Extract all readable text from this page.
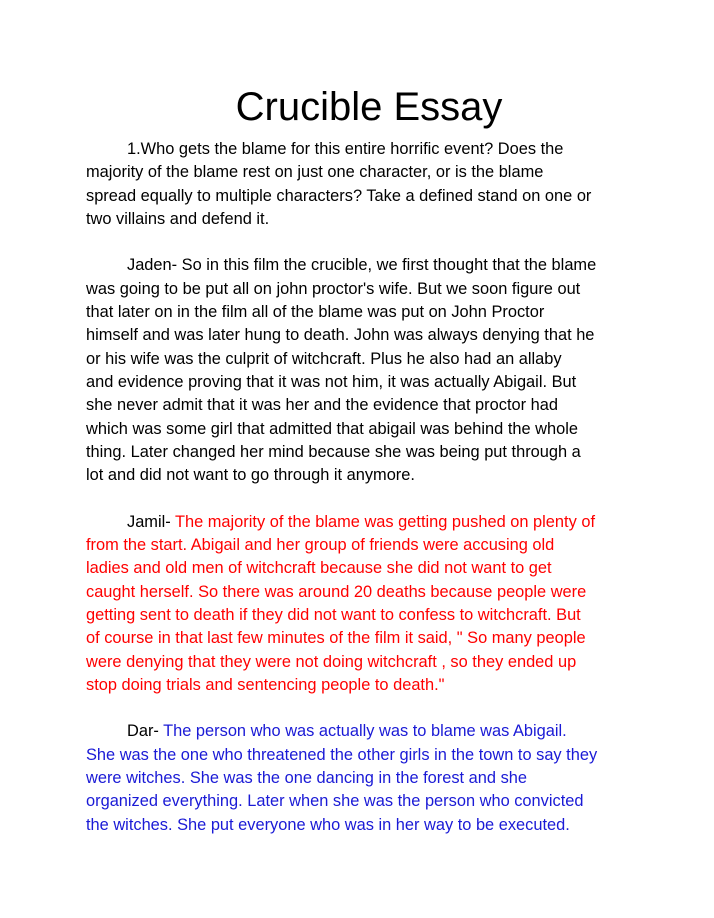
Crucible Essay

1.Who gets the blame for this entire horrific event? Does the
majority of the blame rest on just one character, or is the blame
spread equally to multiple characters? Take a defined stand on one or
two villains and defend it.

Jaden- So in this film the crucible, we first thought that the blame
was going to be put all on john proctor's wife. But we soon figure out
that later on in the film all of the blame was put on John Proctor
himself and was later hung to death. John was always denying that he
or his wife was the culprit of witchcraft. Plus he also had an allaby
and evidence proving that it was not him, it was actually Abigail. But
she never admit that it was her and the evidence that proctor had
which was some girl that admitted that abigail was behind the whole
thing. Later changed her mind because she was being put through a
lot and did not want to go through it anymore.

Jamil- The majority of the blame was getting pushed on plenty of
from the start. Abigail and her group of friends were accusing old
ladies and old men of witchcraft because she did not want to get
caught herself. So there was around 20 deaths because people were
getting sent to death if they did not want to confess to witchcraft. But
of course in that last few minutes of the film it said, " So many people
were denying that they were not doing witchcraft , so they ended up
stop doing trials and sentencing people to death."

Dar- The person who was actually was to blame was Abigail.
She was the one who threatened the other girls in the town to say they
were witches. She was the one dancing in the forest and she
organized everything. Later when she was the person who convicted
the witches. She put everyone who was in her way to be executed.
